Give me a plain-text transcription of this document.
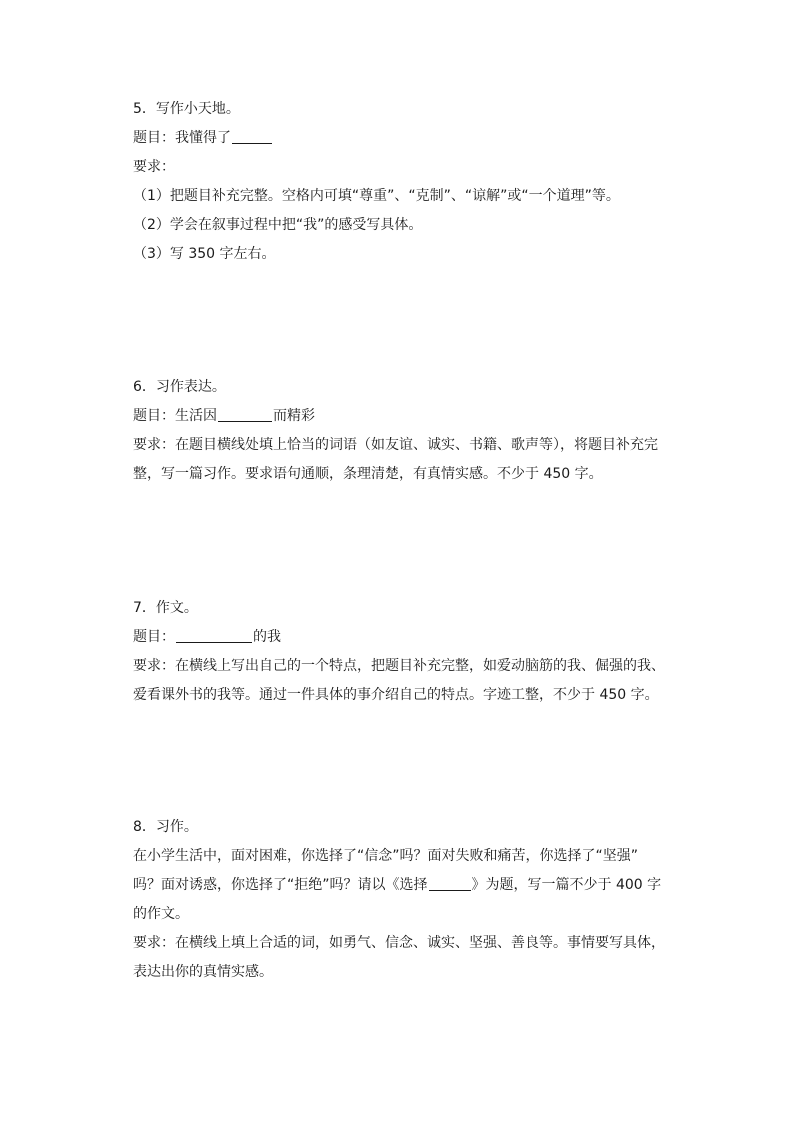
5．写作小天地。
题目：我懂得了
要求：
（1）把题目补充完整。空格内可填“尊重”、“克制”、“谅解”或“一个道理”等。
（2）学会在叙事过程中把“我”的感受写具体。
（3）写 350 字左右。
6．习作表达。
题目：生活因	而精彩
要求：在题目横线处填上恰当的词语（如友谊、诚实、书籍、歌声等），将题目补充完
整，写一篇习作。要求语句通顺，条理清楚，有真情实感。不少于 450 字。
7．作文。
题目：	的我
要求：在横线上写出自己的一个特点，把题目补充完整，如爱动脑筋的我、倔强的我、
爱看课外书的我等。通过一件具体的事介绍自己的特点。字迹工整，不少于 450 字。
8．习作。
在小学生活中，面对困难，你选择了“信念”吗？面对失败和痛苦，你选择了“坚强”
吗？面对诱惑，你选择了“拒绝”吗？请以《选择	》为题，写一篇不少于 400 字
的作文。
要求：在横线上填上合适的词，如勇气、信念、诚实、坚强、善良等。事情要写具体，
表达出你的真情实感。
